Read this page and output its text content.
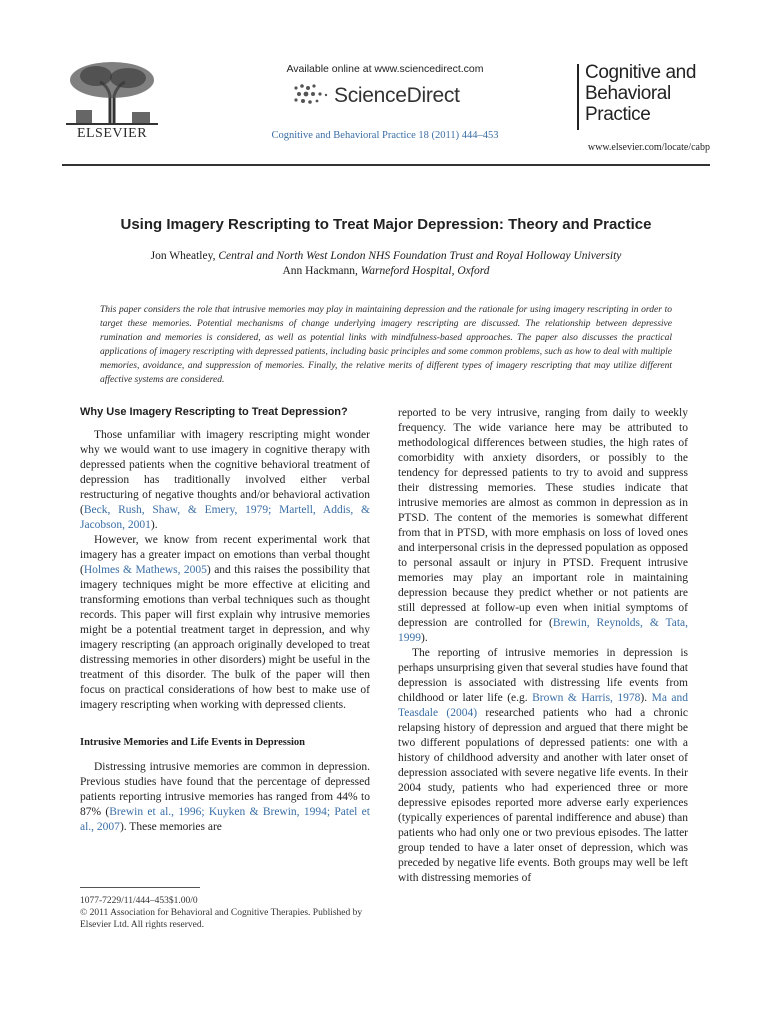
ELSEVIER
Available online at www.sciencedirect.com
ScienceDirect
Cognitive and Behavioral Practice 18 (2011) 444–453
Cognitive and
Behavioral
Practice
www.elsevier.com/locate/cabp
Using Imagery Rescripting to Treat Major Depression: Theory and Practice
Jon Wheatley, Central and North West London NHS Foundation Trust and Royal Holloway University
Ann Hackmann, Warneford Hospital, Oxford
This paper considers the role that intrusive memories may play in maintaining depression and the rationale for using imagery rescripting in order to target these memories. Potential mechanisms of change underlying imagery rescripting are discussed. The relationship between depressive rumination and memories is considered, as well as potential links with mindfulness-based approaches. The paper also discusses the practical applications of imagery rescripting with depressed patients, including basic principles and some common problems, such as how to deal with multiple memories, avoidance, and suppression of memories. Finally, the relative merits of different types of imagery rescripting that may utilize different affective systems are considered.
Why Use Imagery Rescripting to Treat Depression?

Those unfamiliar with imagery rescripting might wonder why we would want to use imagery in cognitive therapy with depressed patients when the cognitive behavioral treatment of depression has traditionally involved either verbal restructuring of negative thoughts and/or behavioral activation (Beck, Rush, Shaw, & Emery, 1979; Martell, Addis, & Jacobson, 2001).

However, we know from recent experimental work that imagery has a greater impact on emotions than verbal thought (Holmes & Mathews, 2005) and this raises the possibility that imagery techniques might be more effective at eliciting and transforming emotions than verbal techniques such as thought records. This paper will first explain why intrusive memories might be a potential treatment target in depression, and why imagery rescripting (an approach originally developed to treat distressing memories in other disorders) might be useful in the treatment of this disorder. The bulk of the paper will then focus on practical considerations of how best to make use of imagery rescripting when working with depressed clients.

Intrusive Memories and Life Events in Depression

Distressing intrusive memories are common in depression. Previous studies have found that the percentage of depressed patients reporting intrusive memories has ranged from 44% to 87% (Brewin et al., 1996; Kuyken & Brewin, 1994; Patel et al., 2007). These memories are

1077-7229/11/444–453$1.00/0
© 2011 Association for Behavioral and Cognitive Therapies. Published by Elsevier Ltd. All rights reserved.

reported to be very intrusive, ranging from daily to weekly frequency. The wide variance here may be attributed to methodological differences between studies, the high rates of comorbidity with anxiety disorders, or possibly to the tendency for depressed patients to try to avoid and suppress their distressing memories. These studies indicate that intrusive memories are almost as common in depression as in PTSD. The content of the memories is somewhat different from that in PTSD, with more emphasis on loss of loved ones and interpersonal crisis in the depressed population as opposed to personal assault or injury in PTSD. Frequent intrusive memories may play an important role in maintaining depression because they predict whether or not patients are still depressed at follow-up even when initial symptoms of depression are controlled for (Brewin, Reynolds, & Tata, 1999).

The reporting of intrusive memories in depression is perhaps unsurprising given that several studies have found that depression is associated with distressing life events from childhood or later life (e.g. Brown & Harris, 1978). Ma and Teasdale (2004) researched patients who had a chronic relapsing history of depression and argued that there might be two different populations of depressed patients: one with a history of childhood adversity and another with later onset of depression associated with severe negative life events. In their 2004 study, patients who had experienced three or more depressive episodes reported more adverse early experiences (typically experiences of parental indifference and abuse) than patients who had only one or two previous episodes. The latter group tended to have a later onset of depression, which was preceded by negative life events. Both groups may well be left with distressing memories of
